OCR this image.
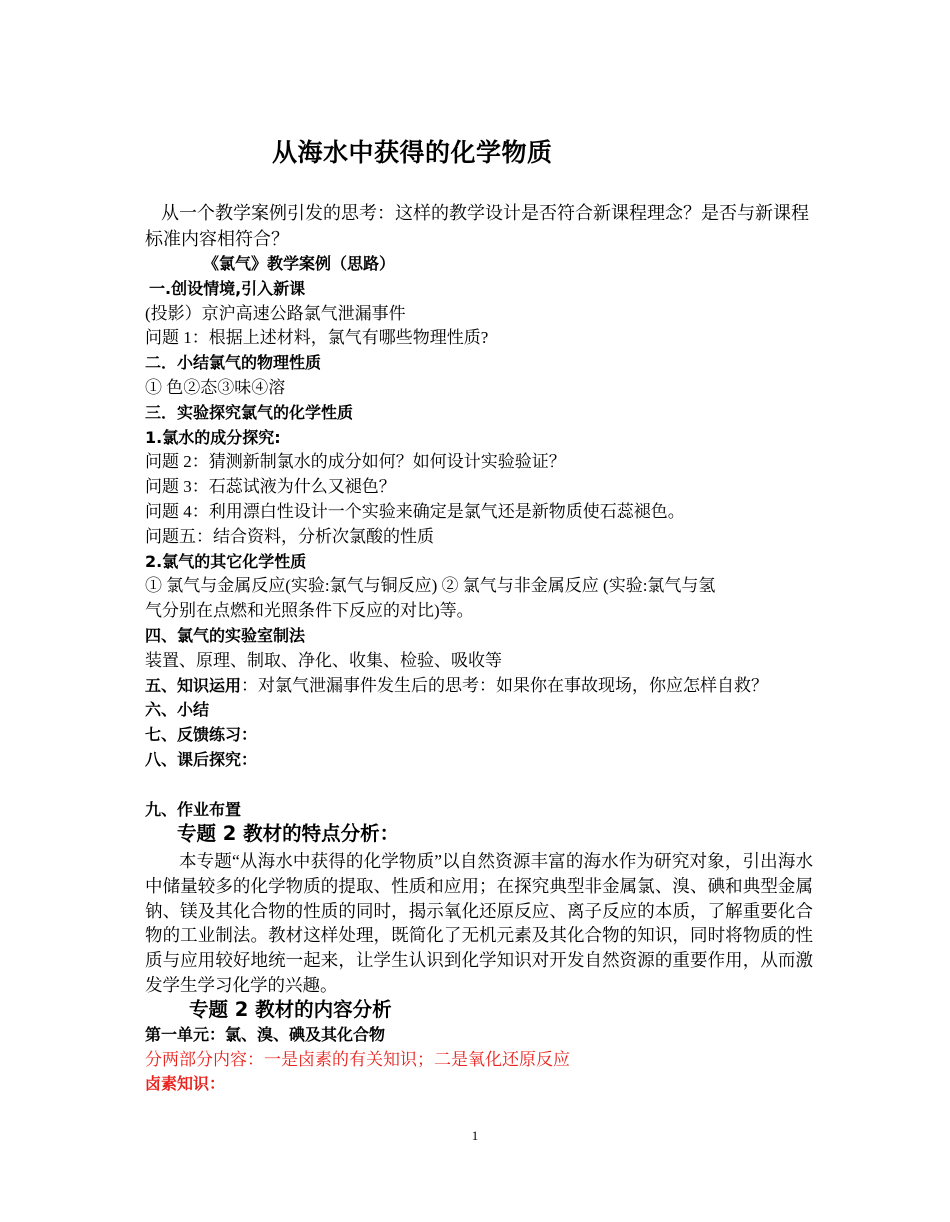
从海水中获得的化学物质
从一个教学案例引发的思考：这样的教学设计是否符合新课程理念？是否与新课程标准内容相符合？
《氯气》教学案例（思路）
一.创设情境,引入新课
(投影）京沪高速公路氯气泄漏事件
问题 1：根据上述材料，氯气有哪些物理性质?
二．小结氯气的物理性质
① 色②态③味④溶
三．实验探究氯气的化学性质
1.氯水的成分探究:
问题 2：猜测新制氯水的成分如何？如何设计实验验证？
问题 3：石蕊试液为什么又褪色？
问题 4：利用漂白性设计一个实验来确定是氯气还是新物质使石蕊褪色。
问题五：结合资料，分析次氯酸的性质
2.氯气的其它化学性质
① 氯气与金属反应(实验:氯气与铜反应) ② 氯气与非金属反应 (实验:氯气与氢
气分别在点燃和光照条件下反应的对比)等。
四、氯气的实验室制法
装置、原理、制取、净化、收集、检验、吸收等
五、知识运用：对氯气泄漏事件发生后的思考：如果你在事故现场，你应怎样自救？
六、小结
七、反馈练习：
八、课后探究：
九、作业布置
专题 2 教材的特点分析：
本专题“从海水中获得的化学物质”以自然资源丰富的海水作为研究对象，引出海水中储量较多的化学物质的提取、性质和应用；在探究典型非金属氯、溴、碘和典型金属钠、镁及其化合物的性质的同时，揭示氧化还原反应、离子反应的本质，了解重要化合物的工业制法。教材这样处理，既简化了无机元素及其化合物的知识，同时将物质的性质与应用较好地统一起来，让学生认识到化学知识对开发自然资源的重要作用，从而激发学生学习化学的兴趣。
专题 2 教材的内容分析
第一单元：氯、溴、碘及其化合物
分两部分内容：一是卤素的有关知识；二是氧化还原反应
卤素知识：
1
